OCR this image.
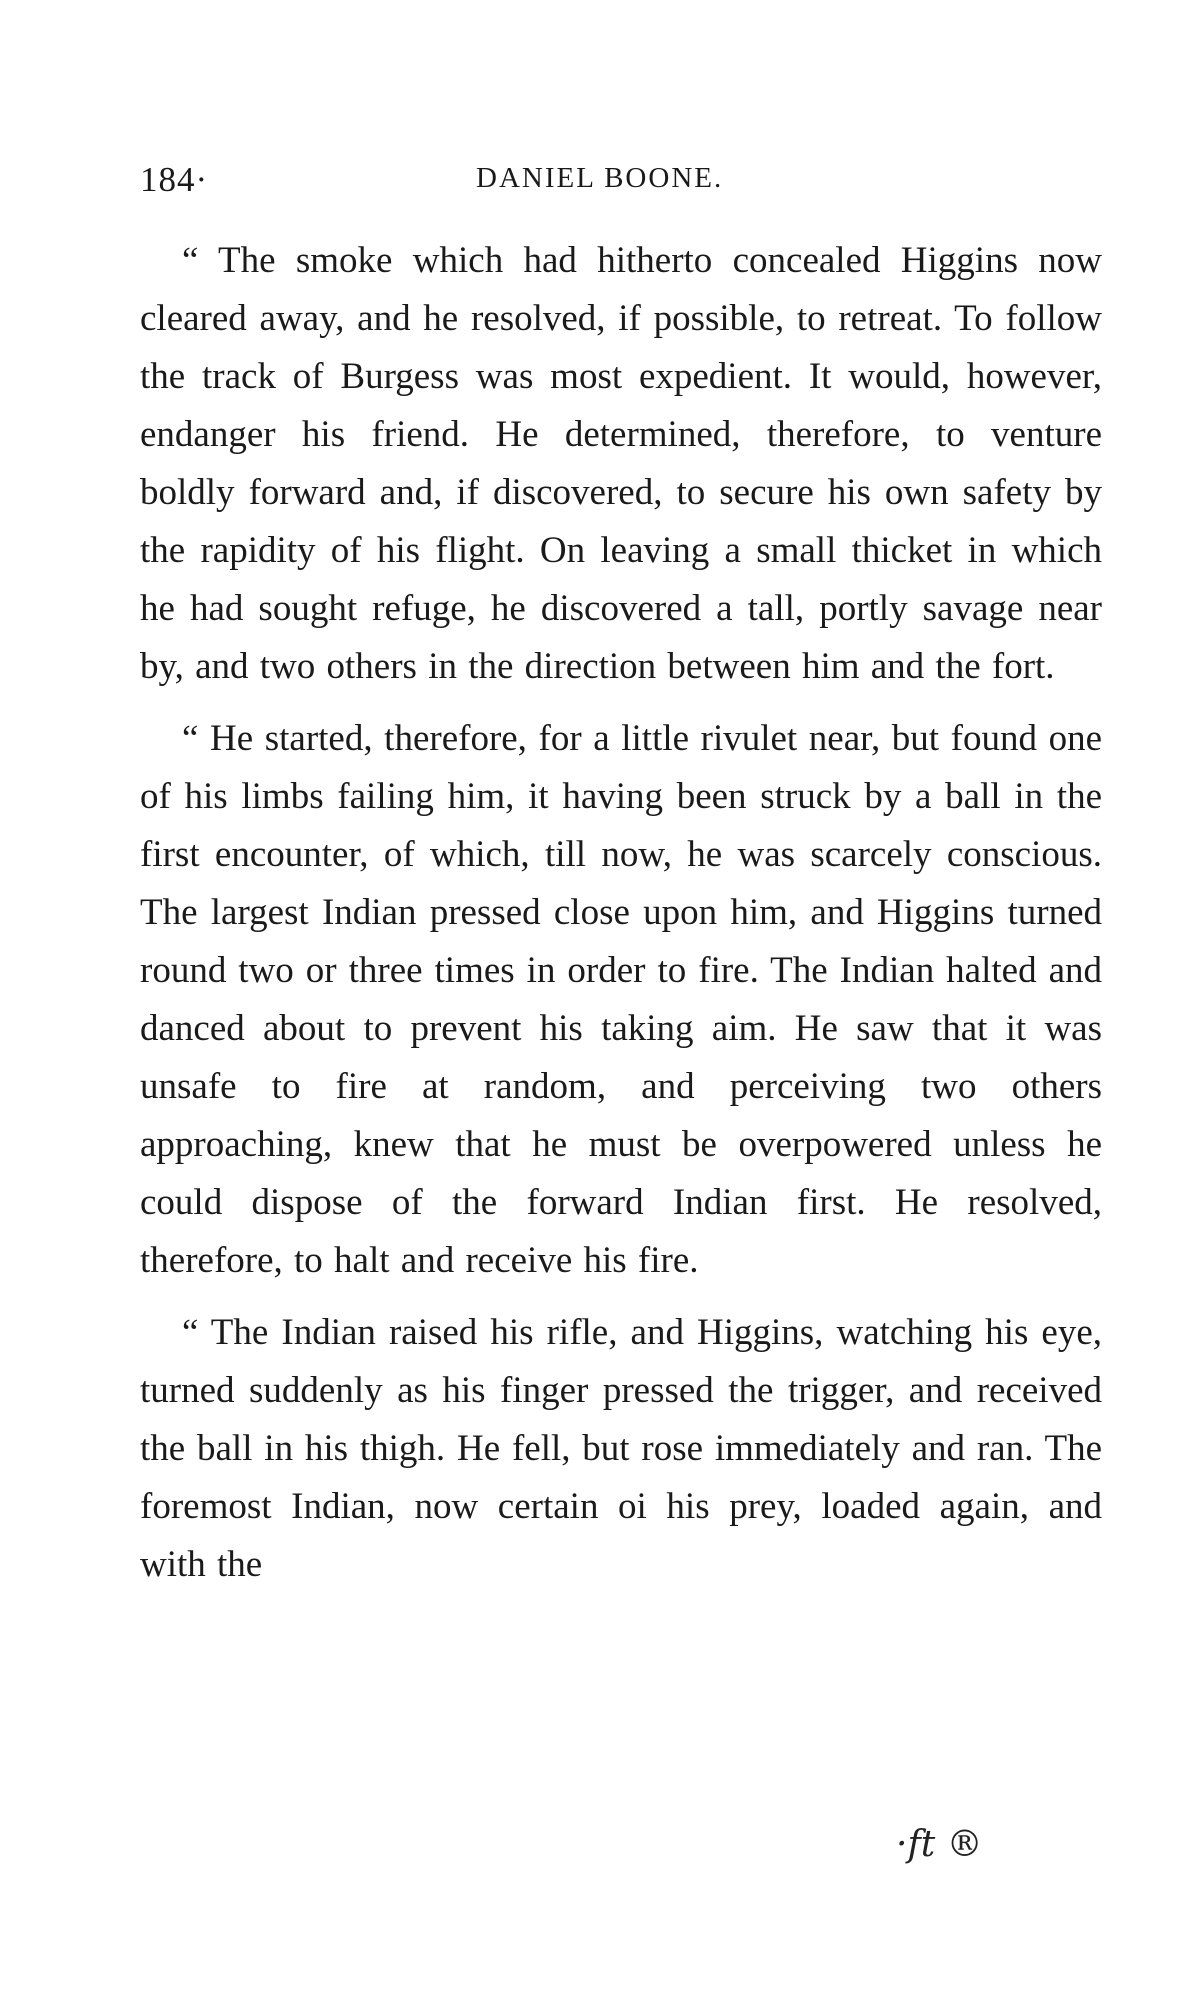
184·	DANIEL BOONE.

“ The smoke which had hitherto concealed Higgins now cleared away, and he resolved, if possible, to retreat. To follow the track of Burgess was most expedient. It would, however, endanger his friend. He determined, therefore, to venture boldly forward and, if discovered, to secure his own safety by the rapidity of his flight. On leaving a small thicket in which he had sought refuge, he discovered a tall, portly savage near by, and two others in the direction between him and the fort.

“ He started, therefore, for a little rivulet near, but found one of his limbs failing him, it having been struck by a ball in the first encounter, of which, till now, he was scarcely conscious. The largest Indian pressed close upon him, and Higgins turned round two or three times in order to fire. The Indian halted and danced about to prevent his taking aim. He saw that it was unsafe to fire at random, and perceiving two others approaching, knew that he must be overpowered unless he could dispose of the forward Indian first. He resolved, therefore, to halt and receive his fire.

“ The Indian raised his rifle, and Higgins, watching his eye, turned suddenly as his finger pressed the trigger, and received the ball in his thigh. He fell, but rose immediately and ran. The foremost Indian, now certain oi his prey, loaded again, and with the

·ft ®
